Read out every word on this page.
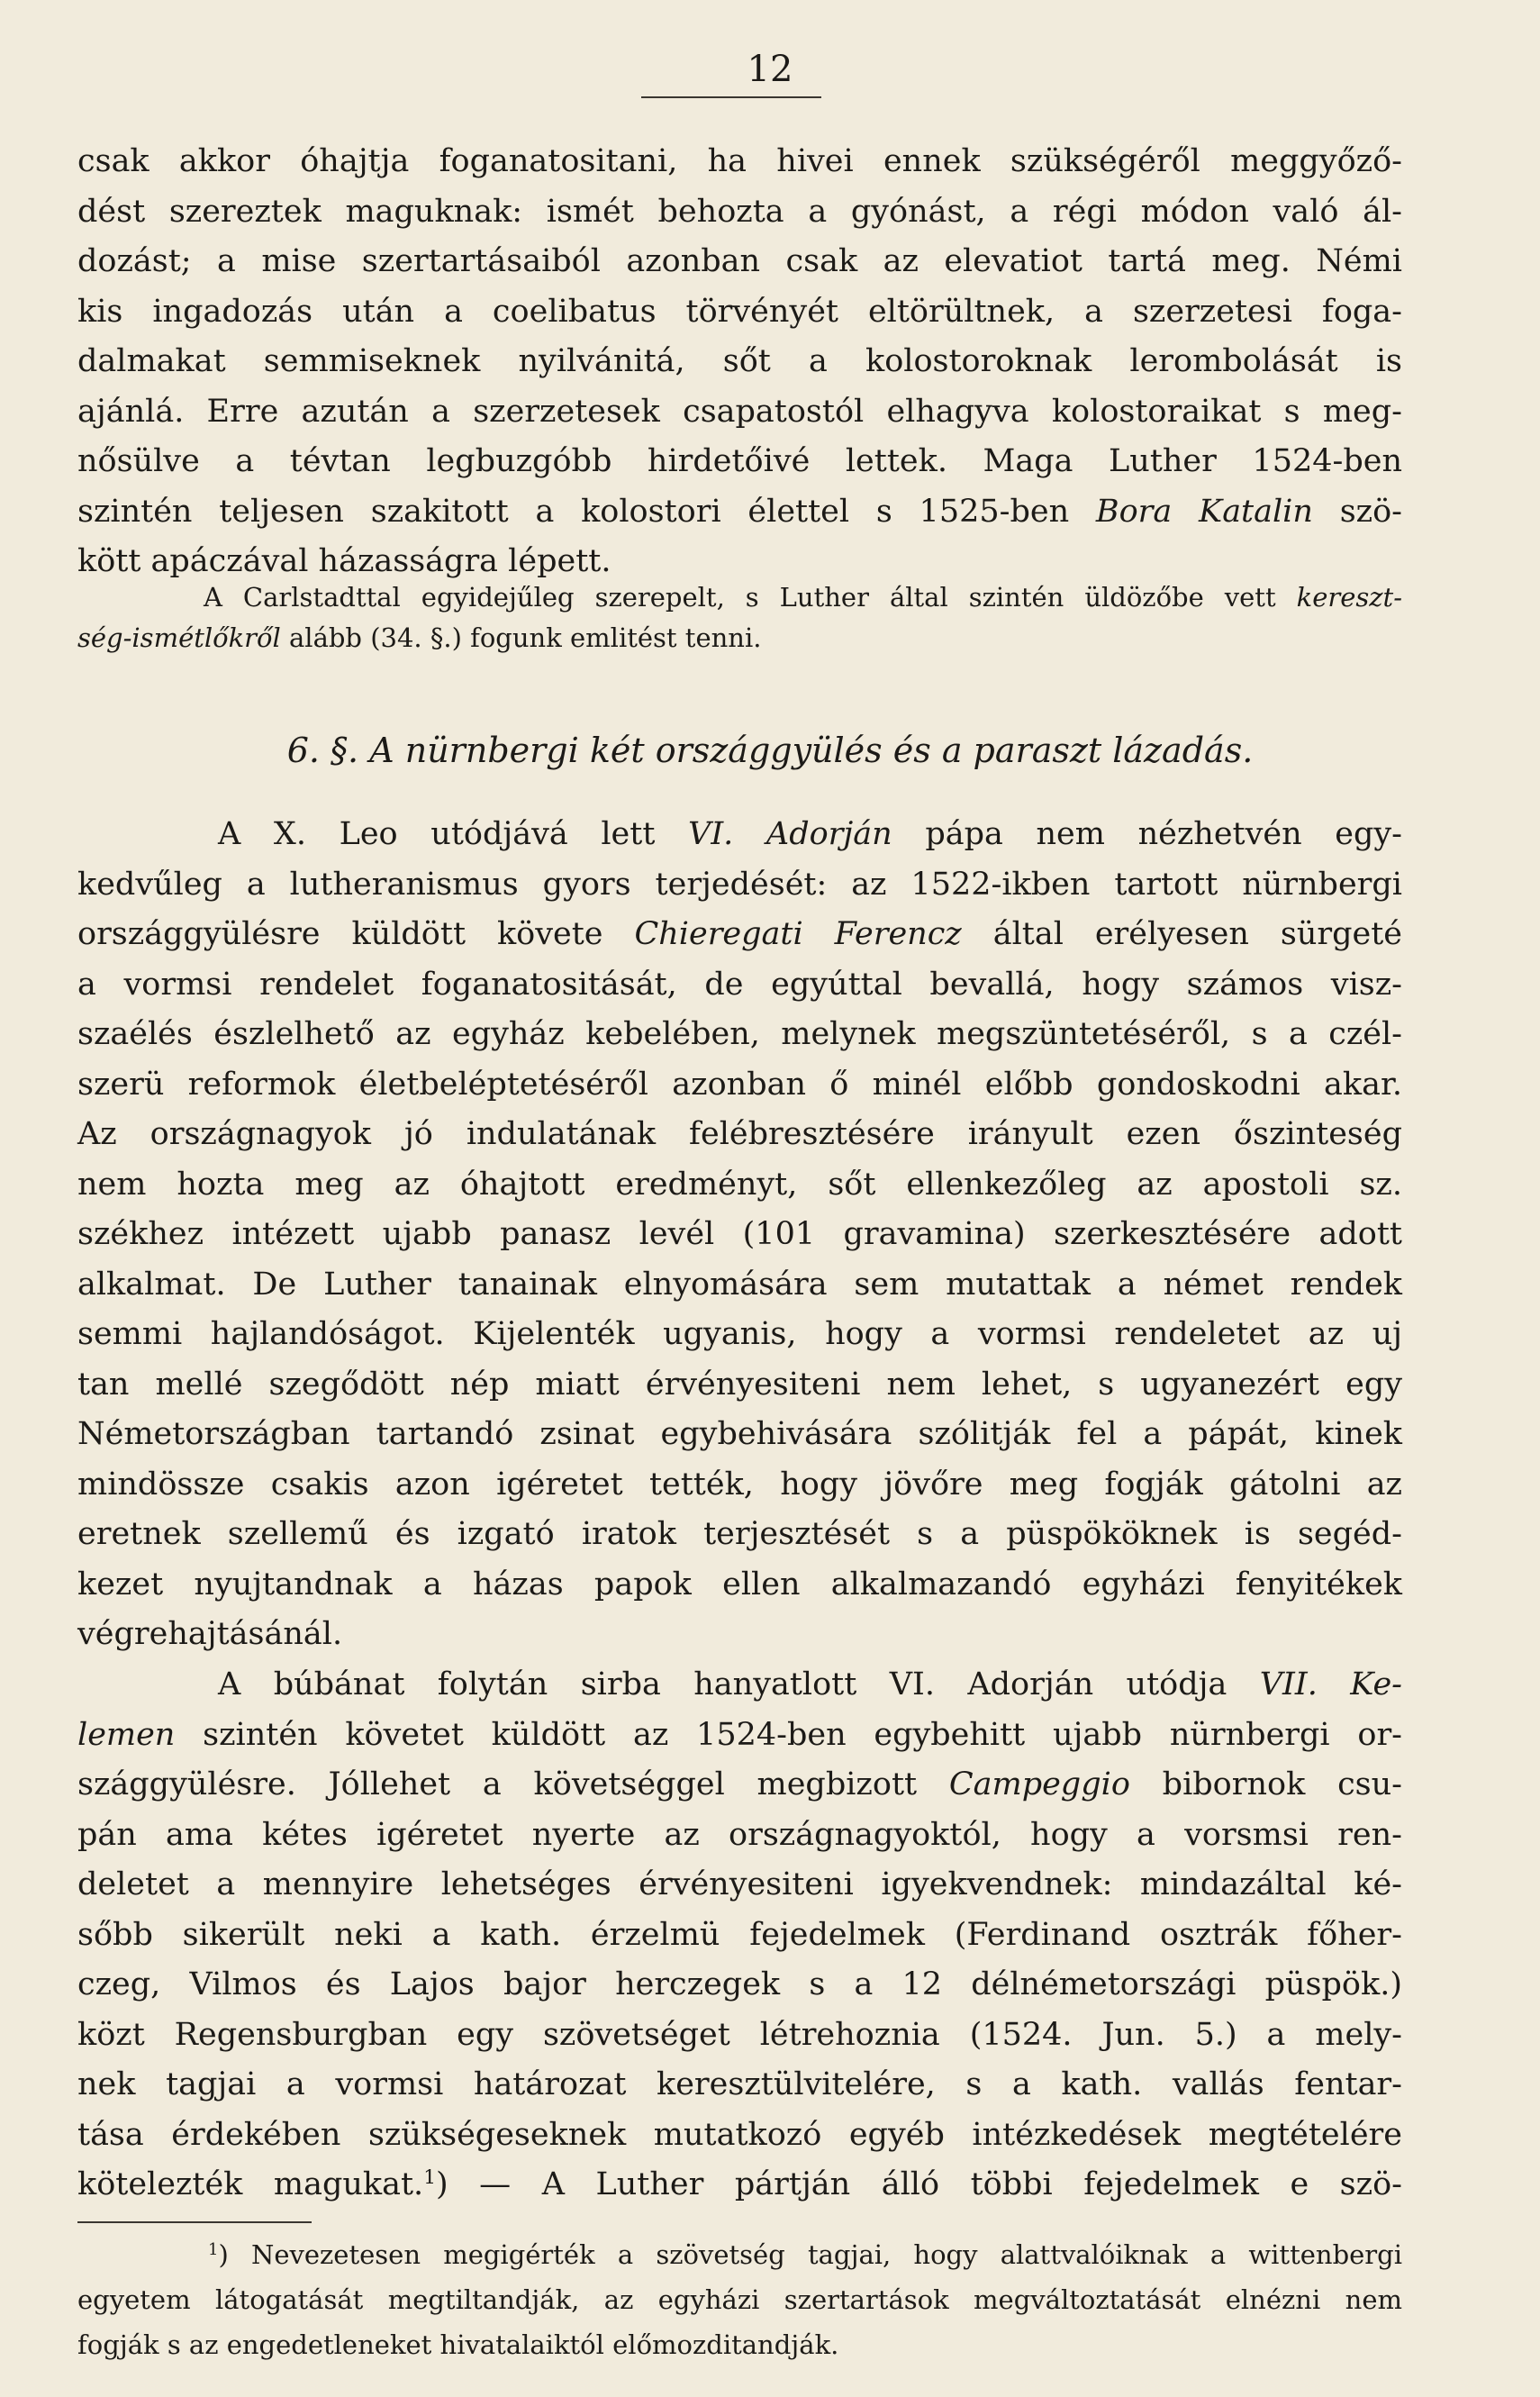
12
csak akkor óhajtja foganatositani, ha hivei ennek szükségéről meggyőző-
dést szereztek maguknak: ismét behozta a gyónást, a régi módon való ál-
dozást; a mise szertartásaiból azonban csak az elevatiot tartá meg. Némi
kis ingadozás után a coelibatus törvényét eltörültnek, a szerzetesi foga-
dalmakat semmiseknek nyilvánitá, sőt a kolostoroknak lerombolását is
ajánlá. Erre azután a szerzetesek csapatostól elhagyva kolostoraikat s meg-
nősülve a tévtan legbuzgóbb hirdetőivé lettek. Maga Luther 1524-ben
szintén teljesen szakitott a kolostori élettel s 1525-ben Bora Katalin szö-
kött apáczával házasságra lépett.
A Carlstadttal egyidejűleg szerepelt, s Luther által szintén üldözőbe vett kereszt-
ség-ismétlőkről alább (34. §.) fogunk emlitést tenni.
6. §. A nürnbergi két országgyülés és a paraszt lázadás.
A X. Leo utódjává lett VI. Adorján pápa nem nézhetvén egy-
kedvűleg a lutheranismus gyors terjedését: az 1522-ikben tartott nürnbergi
országgyülésre küldött követe Chieregati Ferencz által erélyesen sürgeté
a vormsi rendelet foganatositását, de egyúttal bevallá, hogy számos visz-
szaélés észlelhető az egyház kebelében, melynek megszüntetéséről, s a czél-
szerü reformok életbeléptetéséről azonban ő minél előbb gondoskodni akar.
Az országnagyok jó indulatának felébresztésére irányult ezen őszinteség
nem hozta meg az óhajtott eredményt, sőt ellenkezőleg az apostoli sz.
székhez intézett ujabb panasz levél (101 gravamina) szerkesztésére adott
alkalmat. De Luther tanainak elnyomására sem mutattak a német rendek
semmi hajlandóságot. Kijelenték ugyanis, hogy a vormsi rendeletet az uj
tan mellé szegődött nép miatt érvényesiteni nem lehet, s ugyanezért egy
Németországban tartandó zsinat egybehivására szólitják fel a pápát, kinek
mindössze csakis azon igéretet tették, hogy jövőre meg fogják gátolni az
eretnek szellemű és izgató iratok terjesztését s a püspököknek is segéd-
kezet nyujtandnak a házas papok ellen alkalmazandó egyházi fenyitékek
végrehajtásánál.
A búbánat folytán sirba hanyatlott VI. Adorján utódja VII. Ke-
lemen szintén követet küldött az 1524-ben egybehitt ujabb nürnbergi or-
szággyülésre. Jóllehet a követséggel megbizott Campeggio bibornok csu-
pán ama kétes igéretet nyerte az országnagyoktól, hogy a vorsmsi ren-
deletet a mennyire lehetséges érvényesiteni igyekvendnek: mindazáltal ké-
sőbb sikerült neki a kath. érzelmü fejedelmek (Ferdinand osztrák főher-
czeg, Vilmos és Lajos bajor herczegek s a 12 délnémetországi püspök.)
közt Regensburgban egy szövetséget létrehoznia (1524. Jun. 5.) a mely-
nek tagjai a vormsi határozat keresztülvitelére, s a kath. vallás fentar-
tása érdekében szükségeseknek mutatkozó egyéb intézkedések megtételére
kötelezték magukat.$^1$) — A Luther pártján álló többi fejedelmek e szö-
$^1$) Nevezetesen megigérték a szövetség tagjai, hogy alattvalóiknak a wittenbergi
egyetem látogatását megtiltandják, az egyházi szertartások megváltoztatását elnézni nem
fogják s az engedetleneket hivatalaiktól előmozditandják.
